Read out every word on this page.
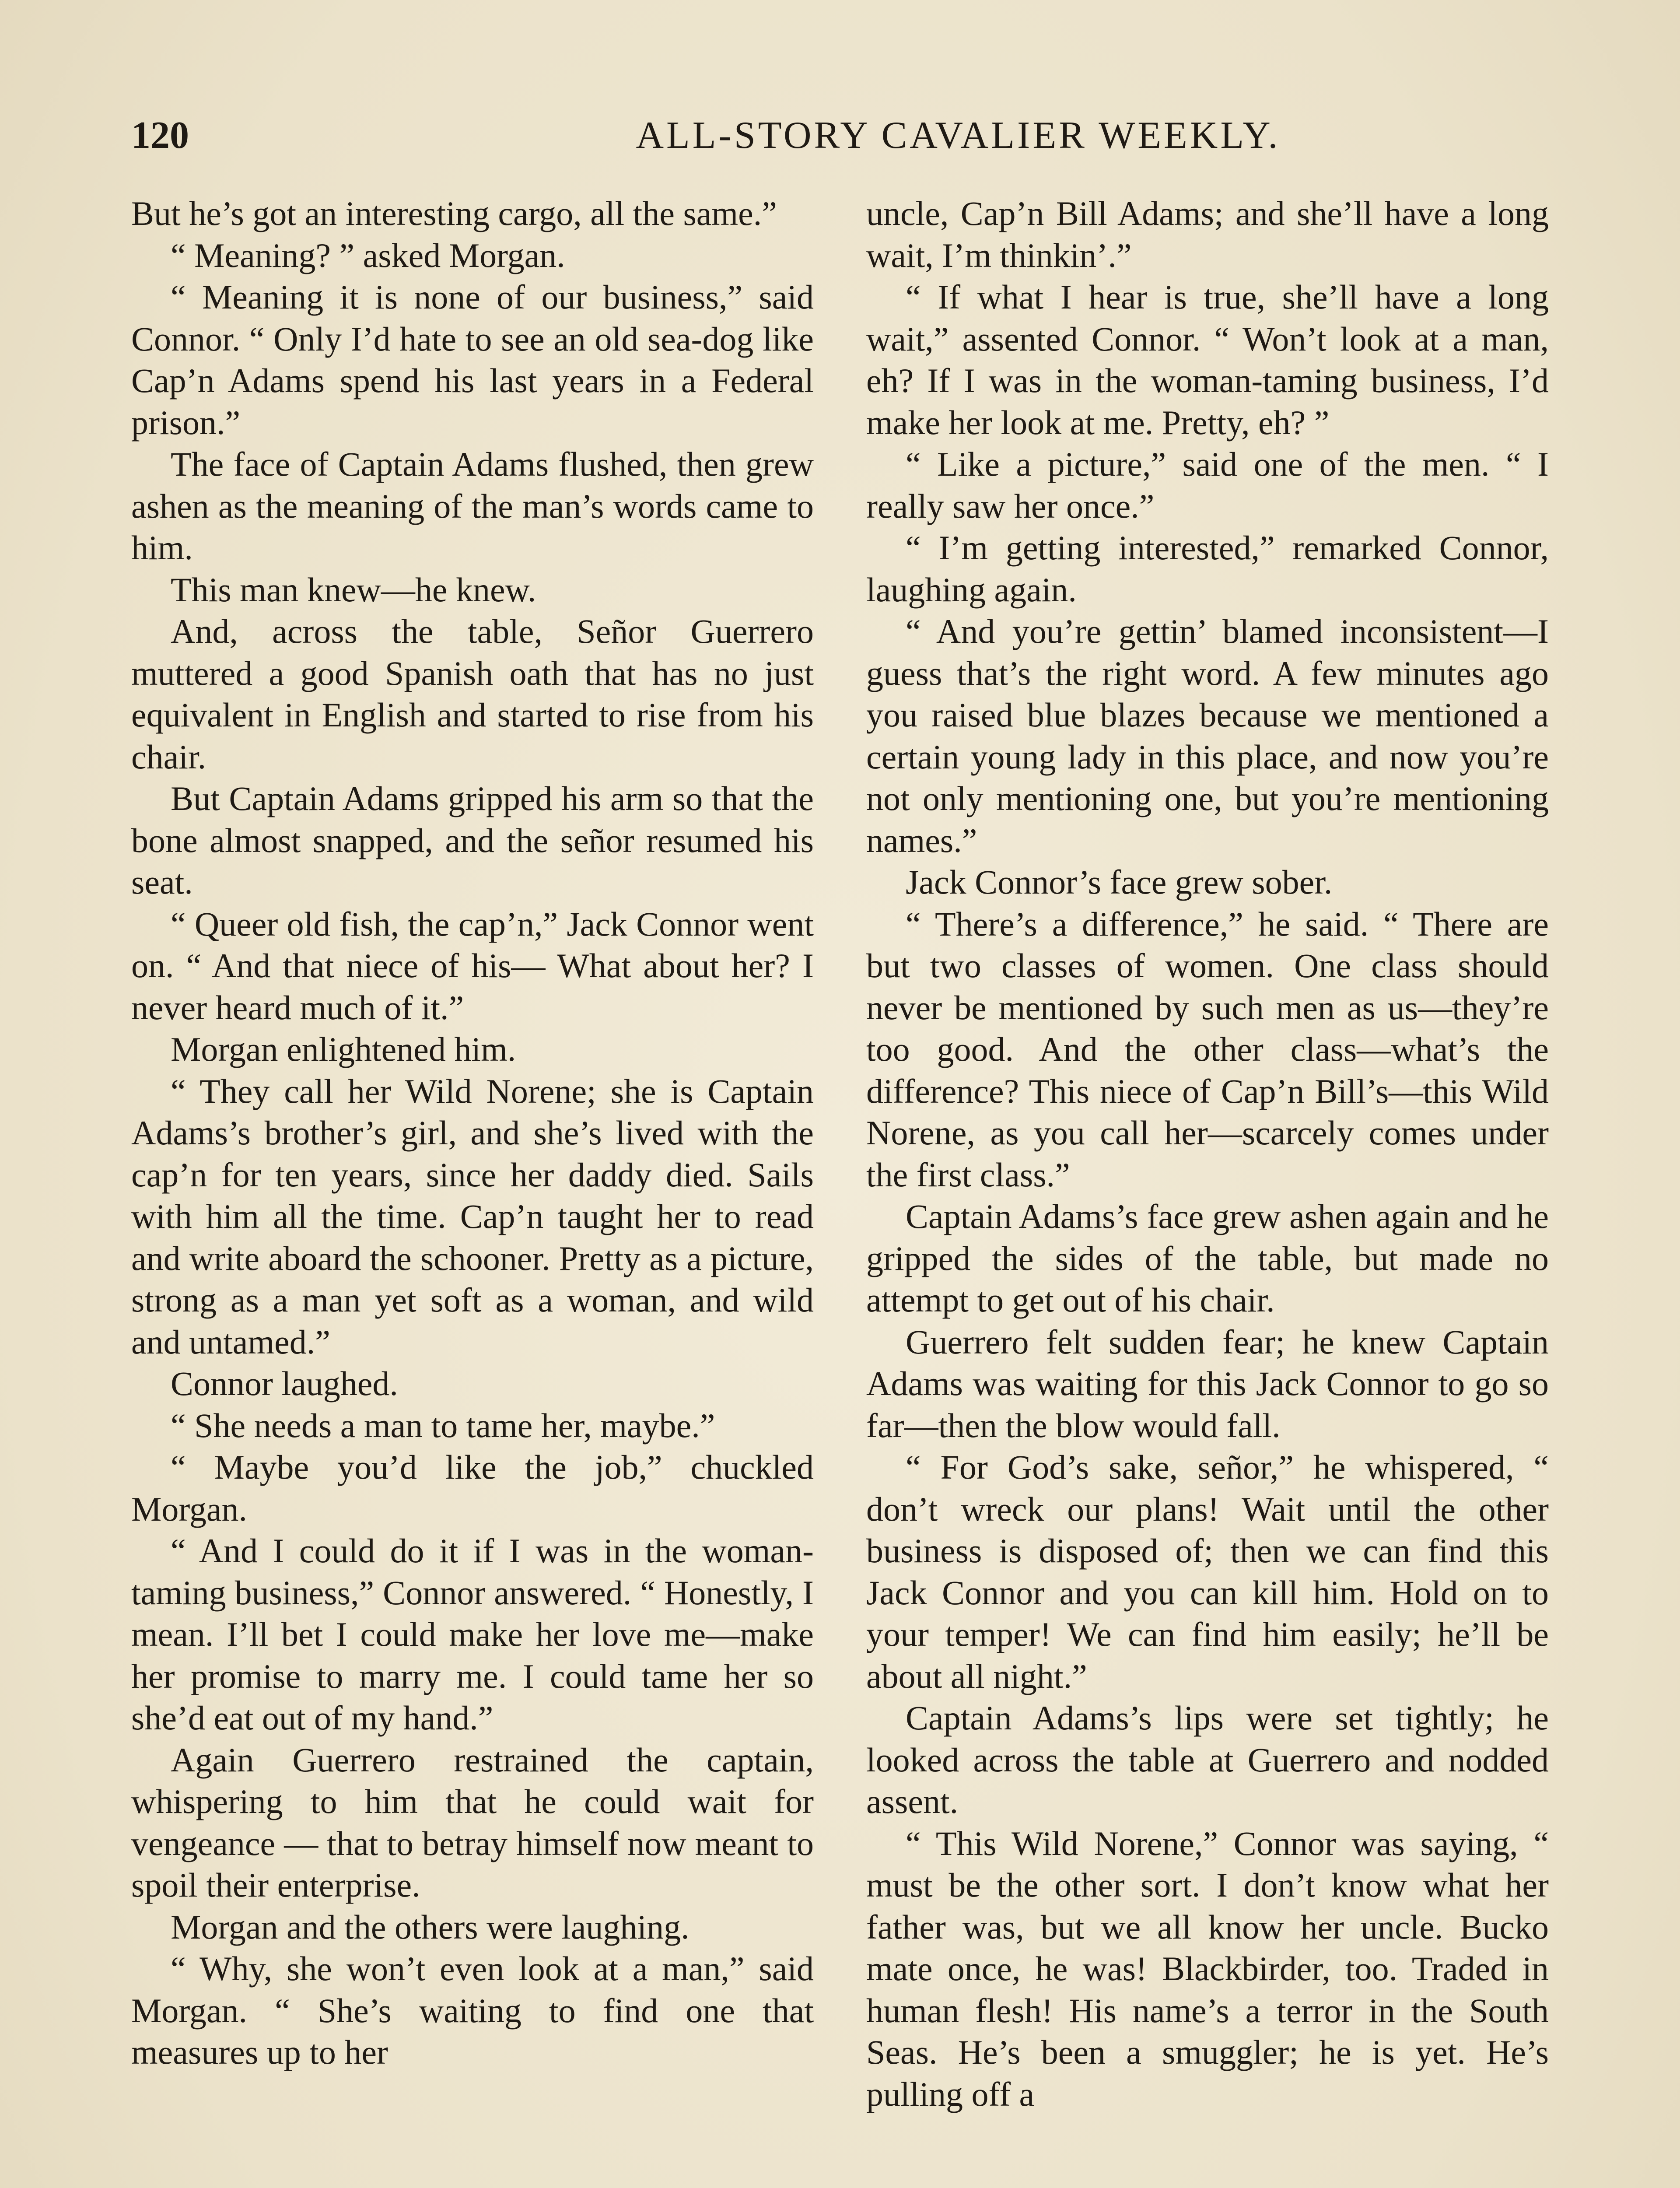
120	ALL-STORY CAVALIER WEEKLY.

But he’s got an interesting cargo, all the same.”

“ Meaning? ” asked Morgan.

“ Meaning it is none of our business,” said Connor. “ Only I’d hate to see an old sea-dog like Cap’n Adams spend his last years in a Federal prison.”

The face of Captain Adams flushed, then grew ashen as the meaning of the man’s words came to him.

This man knew—he knew.

And, across the table, Señor Guerrero muttered a good Spanish oath that has no just equivalent in English and started to rise from his chair.

But Captain Adams gripped his arm so that the bone almost snapped, and the señor resumed his seat.

“ Queer old fish, the cap’n,” Jack Connor went on. “ And that niece of his— What about her? I never heard much of it.”

Morgan enlightened him.

“ They call her Wild Norene; she is Captain Adams’s brother’s girl, and she’s lived with the cap’n for ten years, since her daddy died. Sails with him all the time. Cap’n taught her to read and write aboard the schooner. Pretty as a picture, strong as a man yet soft as a woman, and wild and untamed.”

Connor laughed.

“ She needs a man to tame her, maybe.”

“ Maybe you’d like the job,” chuckled Morgan.

“ And I could do it if I was in the woman-taming business,” Connor answered. “ Honestly, I mean. I’ll bet I could make her love me—make her promise to marry me. I could tame her so she’d eat out of my hand.”

Again Guerrero restrained the captain, whispering to him that he could wait for vengeance — that to betray himself now meant to spoil their enterprise.

Morgan and the others were laughing.

“ Why, she won’t even look at a man,” said Morgan. “ She’s waiting to find one that measures up to her

uncle, Cap’n Bill Adams; and she’ll have a long wait, I’m thinkin’.”

“ If what I hear is true, she’ll have a long wait,” assented Connor. “ Won’t look at a man, eh? If I was in the woman-taming business, I’d make her look at me. Pretty, eh? ”

“ Like a picture,” said one of the men. “ I really saw her once.”

“ I’m getting interested,” remarked Connor, laughing again.

“ And you’re gettin’ blamed inconsistent—I guess that’s the right word. A few minutes ago you raised blue blazes because we mentioned a certain young lady in this place, and now you’re not only mentioning one, but you’re mentioning names.”

Jack Connor’s face grew sober.

“ There’s a difference,” he said. “ There are but two classes of women. One class should never be mentioned by such men as us—they’re too good. And the other class—what’s the difference? This niece of Cap’n Bill’s—this Wild Norene, as you call her—scarcely comes under the first class.”

Captain Adams’s face grew ashen again and he gripped the sides of the table, but made no attempt to get out of his chair.

Guerrero felt sudden fear; he knew Captain Adams was waiting for this Jack Connor to go so far—then the blow would fall.

“ For God’s sake, señor,” he whispered, “ don’t wreck our plans! Wait until the other business is disposed of; then we can find this Jack Connor and you can kill him. Hold on to your temper! We can find him easily; he’ll be about all night.”

Captain Adams’s lips were set tightly; he looked across the table at Guerrero and nodded assent.

“ This Wild Norene,” Connor was saying, “ must be the other sort. I don’t know what her father was, but we all know her uncle. Bucko mate once, he was! Blackbirder, too. Traded in human flesh! His name’s a terror in the South Seas. He’s been a smuggler; he is yet. He’s pulling off a
